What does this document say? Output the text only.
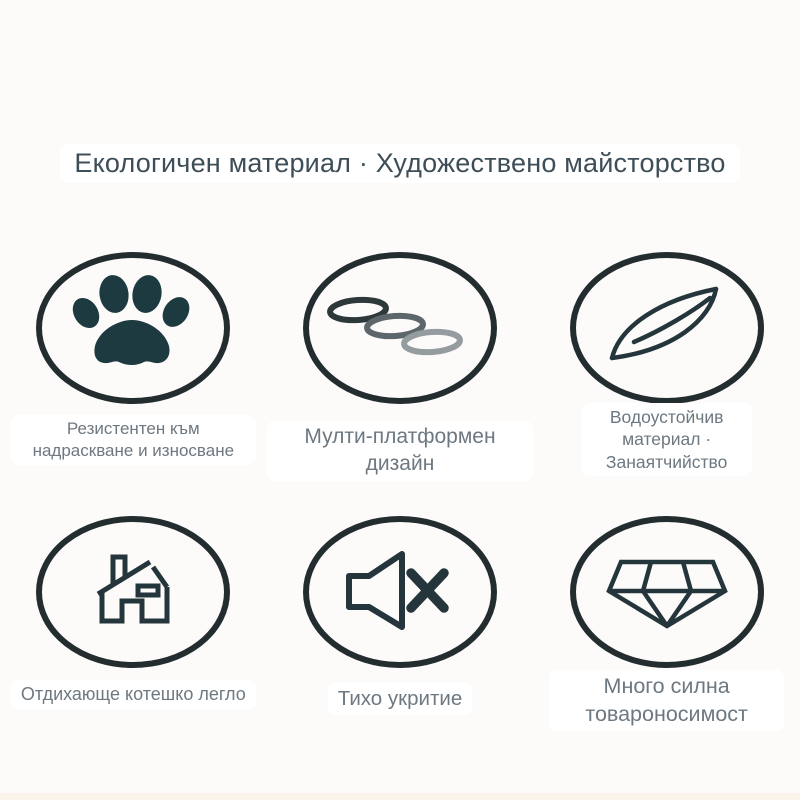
Екологичен материал · Художествено майсторство
Резистентен към надраскване и износване
Мулти-платформен дизайн
Водоустойчив материал · Занаятчийство
Отдихающе котешко легло	Тихо укритие
Много силна товароносимост
